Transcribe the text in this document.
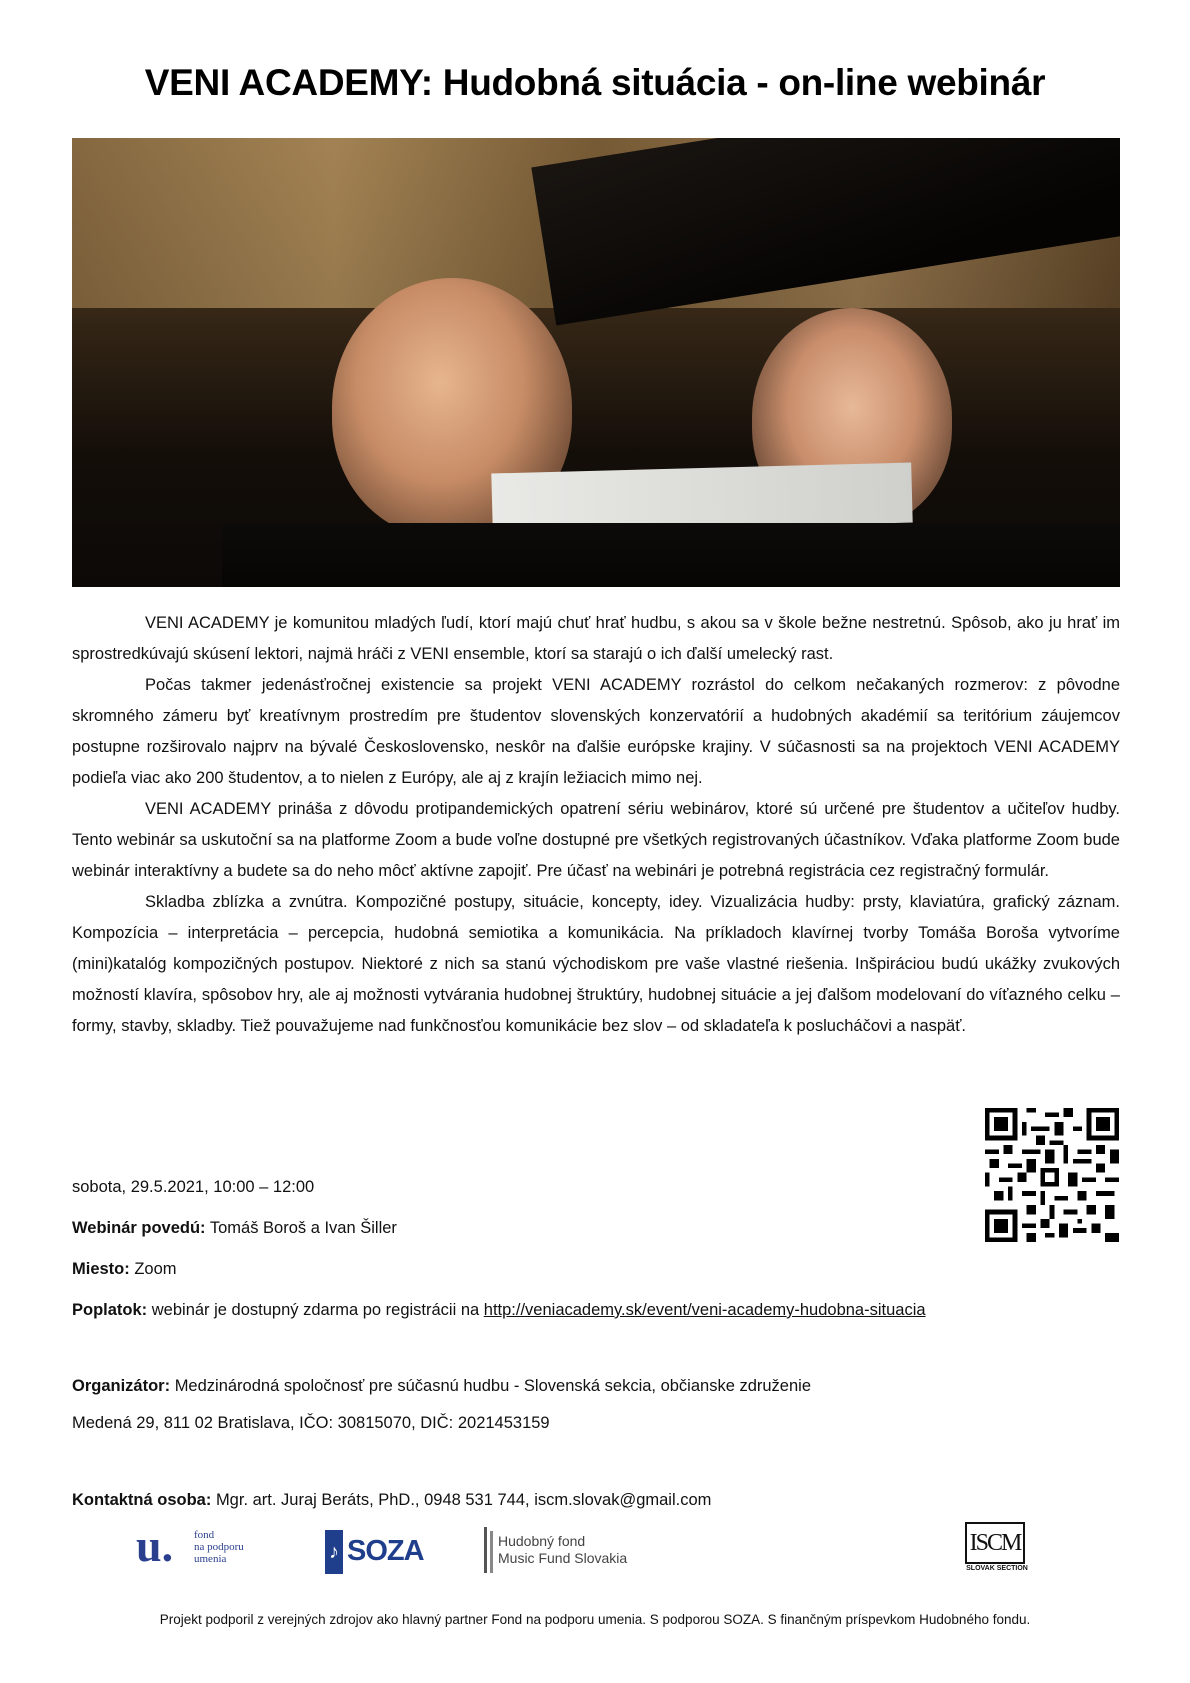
VENI ACADEMY: Hudobná situácia - on-line webinár

VENI ACADEMY je komunitou mladých ľudí, ktorí majú chuť hrať hudbu, s akou sa v škole bežne nestretnú. Spôsob, ako ju hrať im sprostredkúvajú skúsení lektori, najmä hráči z VENI ensemble, ktorí sa starajú o ich ďalší umelecký rast.

Počas takmer jedenásťročnej existencie sa projekt VENI ACADEMY rozrástol do celkom nečakaných rozmerov: z pôvodne skromného zámeru byť kreatívnym prostredím pre študentov slovenských konzervatórií a hudobných akadémií sa teritórium záujemcov postupne rozširovalo najprv na bývalé Československo, neskôr na ďalšie európske krajiny. V súčasnosti sa na projektoch VENI ACADEMY podieľa viac ako 200 študentov, a to nielen z Európy, ale aj z krajín ležiacich mimo nej.

VENI ACADEMY prináša z dôvodu protipandemických opatrení sériu webinárov, ktoré sú určené pre študentov a učiteľov hudby. Tento webinár sa uskutoční sa na platforme Zoom a bude voľne dostupné pre všetkých registrovaných účastníkov. Vďaka platforme Zoom bude webinár interaktívny a budete sa do neho môcť aktívne zapojiť. Pre účasť na webinári je potrebná registrácia cez registračný formulár.

Skladba zblízka a zvnútra. Kompozičné postupy, situácie, koncepty, idey. Vizualizácia hudby: prsty, klaviatúra, grafický záznam. Kompozícia – interpretácia – percepcia, hudobná semiotika a komunikácia. Na príkladoch klavírnej tvorby Tomáša Boroša vytvoríme (mini)katalóg kompozičných postupov. Niektoré z nich sa stanú východiskom pre vaše vlastné riešenia. Inšpiráciou budú ukážky zvukových možností klavíra, spôsobov hry, ale aj možnosti vytvárania hudobnej štruktúry, hudobnej situácie a jej ďalšom modelovaní do víťazného celku – formy, stavby, skladby. Tiež pouvažujeme nad funkčnosťou komunikácie bez slov – od skladateľa k poslucháčovi a naspäť.

sobota, 29.5.2021, 10:00 – 12:00
Webinár povedú: Tomáš Boroš a Ivan Šiller
Miesto: Zoom
Poplatok: webinár je dostupný zdarma po registrácii na http://veniacademy.sk/event/veni-academy-hudobna-situacia
Organizátor: Medzinárodná spoločnosť pre súčasnú hudbu - Slovenská sekcia, občianske združenie
Medená 29, 811 02 Bratislava, IČO: 30815070, DIČ: 2021453159
Kontaktná osoba: Mgr. art. Juraj Beráts, PhD., 0948 531 744, iscm.slovak@gmail.com
u. fond
na podporu
umenia	♪ SOZA	Hudobný fond
Music Fund Slovakia
ISCM
SLOVAK SECTION
Projekt podporil z verejných zdrojov ako hlavný partner Fond na podporu umenia. S podporou SOZA. S finančným príspevkom Hudobného fondu.
